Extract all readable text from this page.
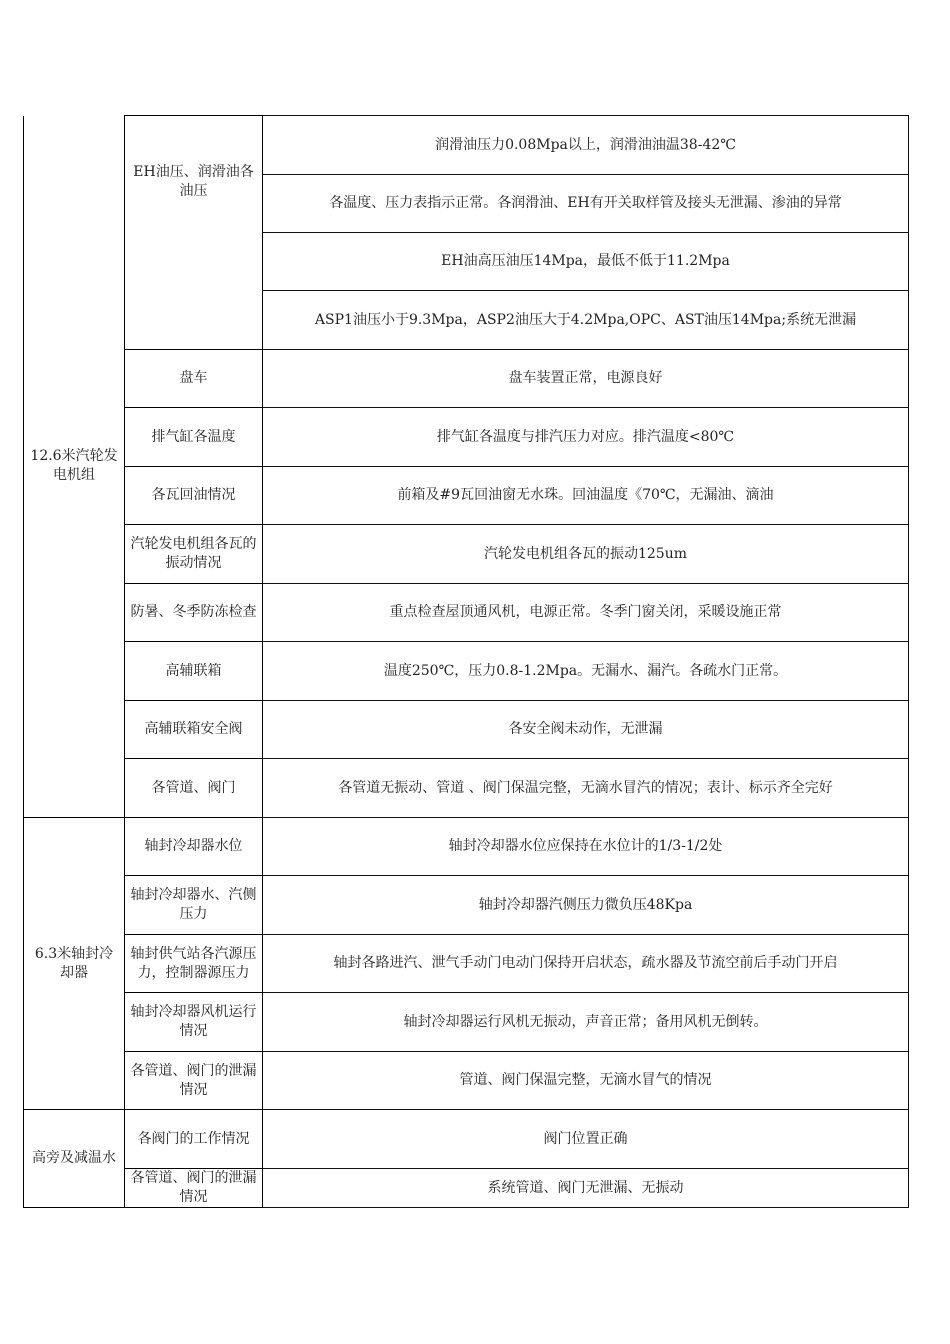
12.6米汽轮发电机组	EH油压、润滑油各油压	润滑油压力0.08Mpa以上，润滑油油温38-42℃
		各温度、压力表指示正常。各润滑油、EH有开关取样管及接头无泄漏、渗油的异常
		EH油高压油压14Mpa，最低不低于11.2Mpa
		ASP1油压小于9.3Mpa，ASP2油压大于4.2Mpa,OPC、AST油压14Mpa;系统无泄漏
	盘车	盘车装置正常，电源良好
	排气缸各温度	排气缸各温度与排汽压力对应。排汽温度<80℃
	各瓦回油情况	前箱及#9瓦回油窗无水珠。回油温度《70℃，无漏油、滴油
	汽轮发电机组各瓦的振动情况	汽轮发电机组各瓦的振动125um
	防暑、冬季防冻检查	重点检查屋顶通风机，电源正常。冬季门窗关闭，采暖设施正常
	高辅联箱	温度250℃，压力0.8-1.2Mpa。无漏水、漏汽。各疏水门正常。
	高辅联箱安全阀	各安全阀未动作，无泄漏
	各管道、阀门	各管道无振动、管道 、阀门保温完整，无滴水冒汽的情况；表计、标示齐全完好
6.3米轴封冷却器	轴封冷却器水位	轴封冷却器水位应保持在水位计的1/3-1/2处
	轴封冷却器水、汽侧压力	轴封冷却器汽侧压力微负压48Kpa
	轴封供气站各汽源压力，控制器源压力	轴封各路进汽、泄气手动门电动门保持开启状态，疏水器及节流空前后手动门开启
	轴封冷却器风机运行情况	轴封冷却器运行风机无振动，声音正常；备用风机无倒转。
	各管道、阀门的泄漏情况	管道、阀门保温完整，无滴水冒气的情况
高旁及减温水	各阀门的工作情况	阀门位置正确
	各管道、阀门的泄漏情况	系统管道、阀门无泄漏、无振动
